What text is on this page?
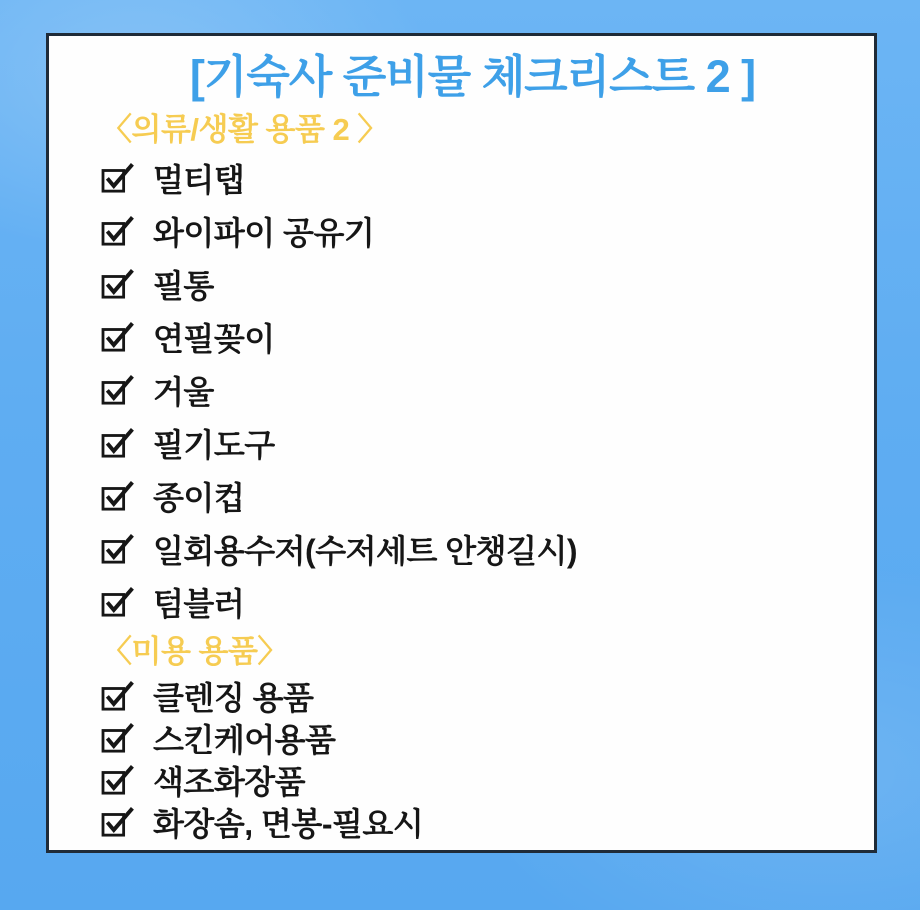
[기숙사 준비물 체크리스트 2 ]
〈의류/생활 용품 2 〉
멀티탭
와이파이 공유기
필통
연필꽂이
거울
필기도구
종이컵
일회용수저(수저세트 안챙길시)
텀블러
〈미용 용품〉
클렌징 용품
스킨케어용품
색조화장품
화장솜, 면봉-필요시
